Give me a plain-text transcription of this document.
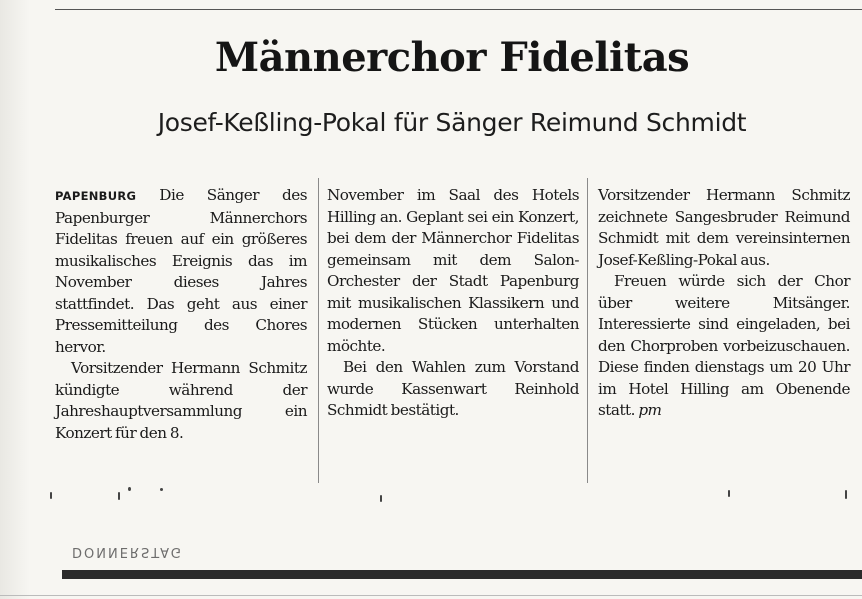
Männerchor Fidelitas
Josef-Keßling-Pokal für Sänger Reimund Schmidt

PAPENBURG Die Sänger des Papenburger Männerchors Fidelitas freuen auf ein größeres musikalisches Ereignis das im November dieses Jahres stattfindet. Das geht aus einer Pressemitteilung des Chores hervor.

Vorsitzender Hermann Schmitz kündigte während der Jahreshauptversammlung ein Konzert für den 8.

November im Saal des Hotels Hilling an. Geplant sei ein Konzert, bei dem der Männerchor Fidelitas gemeinsam mit dem Salon-Orchester der Stadt Papenburg mit musikalischen Klassikern und modernen Stücken unterhalten möchte.

Bei den Wahlen zum Vorstand wurde Kassenwart Reinhold Schmidt bestätigt.

Vorsitzender Hermann Schmitz zeichnete Sangesbruder Reimund Schmidt mit dem vereinsinternen Josef-Keßling-Pokal aus.

Freuen würde sich der Chor über weitere Mitsänger. Interessierte sind eingeladen, bei den Chorproben vorbeizuschauen. Diese finden dienstags um 20 Uhr im Hotel Hilling am Obenende statt. pm

DONNERSTAG
